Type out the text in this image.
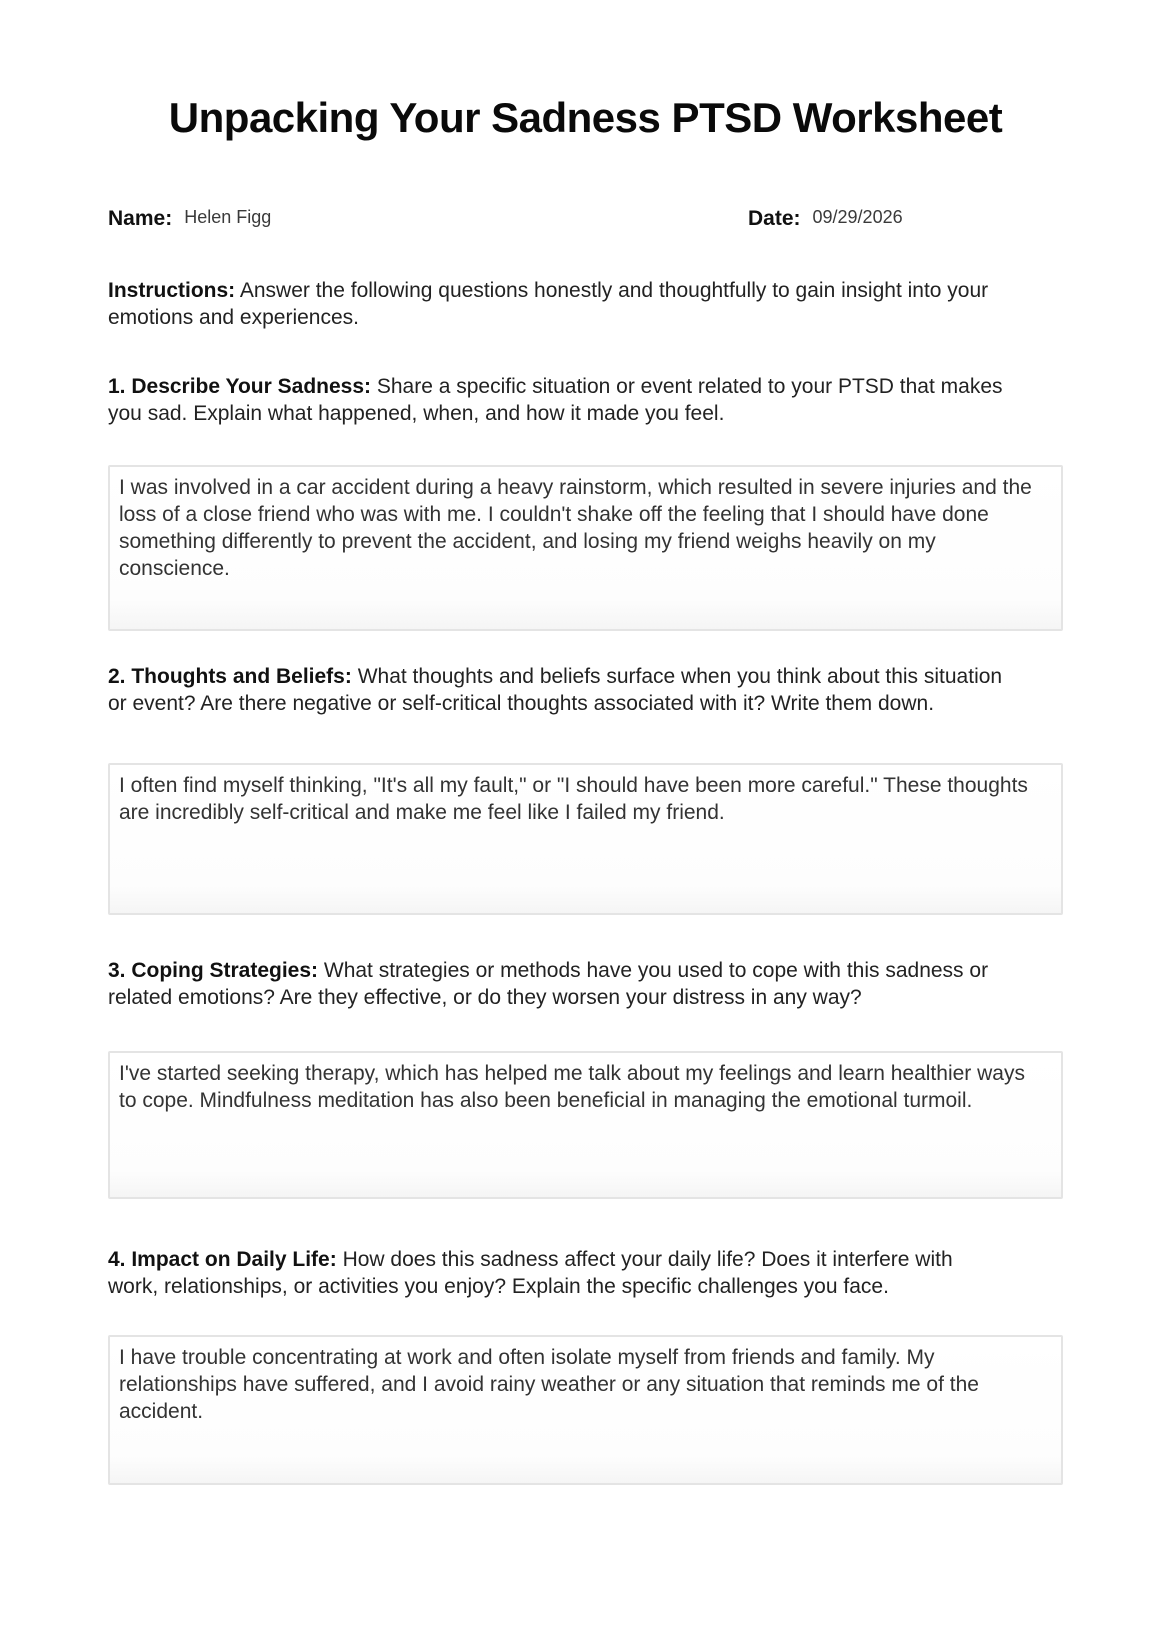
Unpacking Your Sadness PTSD Worksheet
Name: Helen Figg	Date: 09/29/2026

Instructions: Answer the following questions honestly and thoughtfully to gain insight into your emotions and experiences.

1. Describe Your Sadness: Share a specific situation or event related to your PTSD that makes you sad. Explain what happened, when, and how it made you feel.

I was involved in a car accident during a heavy rainstorm, which resulted in severe injuries and the loss of a close friend who was with me. I couldn't shake off the feeling that I should have done something differently to prevent the accident, and losing my friend weighs heavily on my conscience.

2. Thoughts and Beliefs: What thoughts and beliefs surface when you think about this situation or event? Are there negative or self-critical thoughts associated with it? Write them down.

I often find myself thinking, "It's all my fault," or "I should have been more careful." These thoughts are incredibly self-critical and make me feel like I failed my friend.

3. Coping Strategies: What strategies or methods have you used to cope with this sadness or related emotions? Are they effective, or do they worsen your distress in any way?

I've started seeking therapy, which has helped me talk about my feelings and learn healthier ways to cope. Mindfulness meditation has also been beneficial in managing the emotional turmoil.

4. Impact on Daily Life: How does this sadness affect your daily life? Does it interfere with work, relationships, or activities you enjoy? Explain the specific challenges you face.

I have trouble concentrating at work and often isolate myself from friends and family. My relationships have suffered, and I avoid rainy weather or any situation that reminds me of the accident.
